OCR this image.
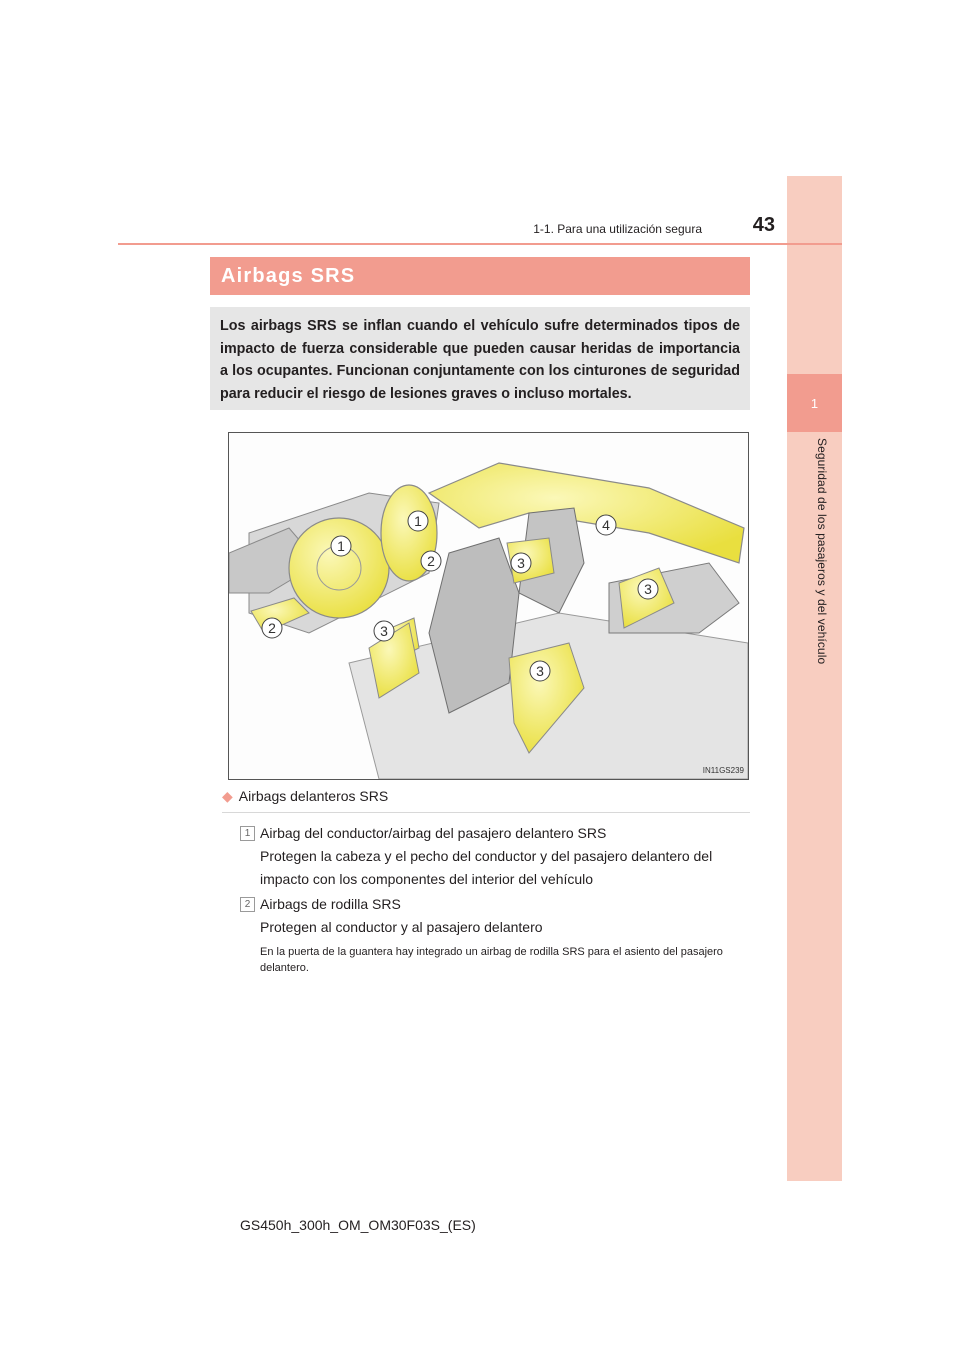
1
Seguridad de los pasajeros y del vehículo
1-1. Para una utilización segura	43
Airbags SRS
Los airbags SRS se inflan cuando el vehículo sufre determinados tipos de impacto de fuerza considerable que pueden causar heridas de importancia a los ocupantes. Funcionan conjuntamente con los cinturones de seguridad para reducir el riesgo de lesiones graves o incluso mortales.
1
1
2
2	3
3
3
3
4
IN11GS239
◆ Airbags delanteros SRS
1 Airbag del conductor/airbag del pasajero delantero SRS
Protegen la cabeza y el pecho del conductor y del pasajero delantero del impacto con los componentes del interior del vehículo
2 Airbags de rodilla SRS
Protegen al conductor y al pasajero delantero
En la puerta de la guantera hay integrado un airbag de rodilla SRS para el asiento del pasajero delantero.
GS450h_300h_OM_OM30F03S_(ES)
